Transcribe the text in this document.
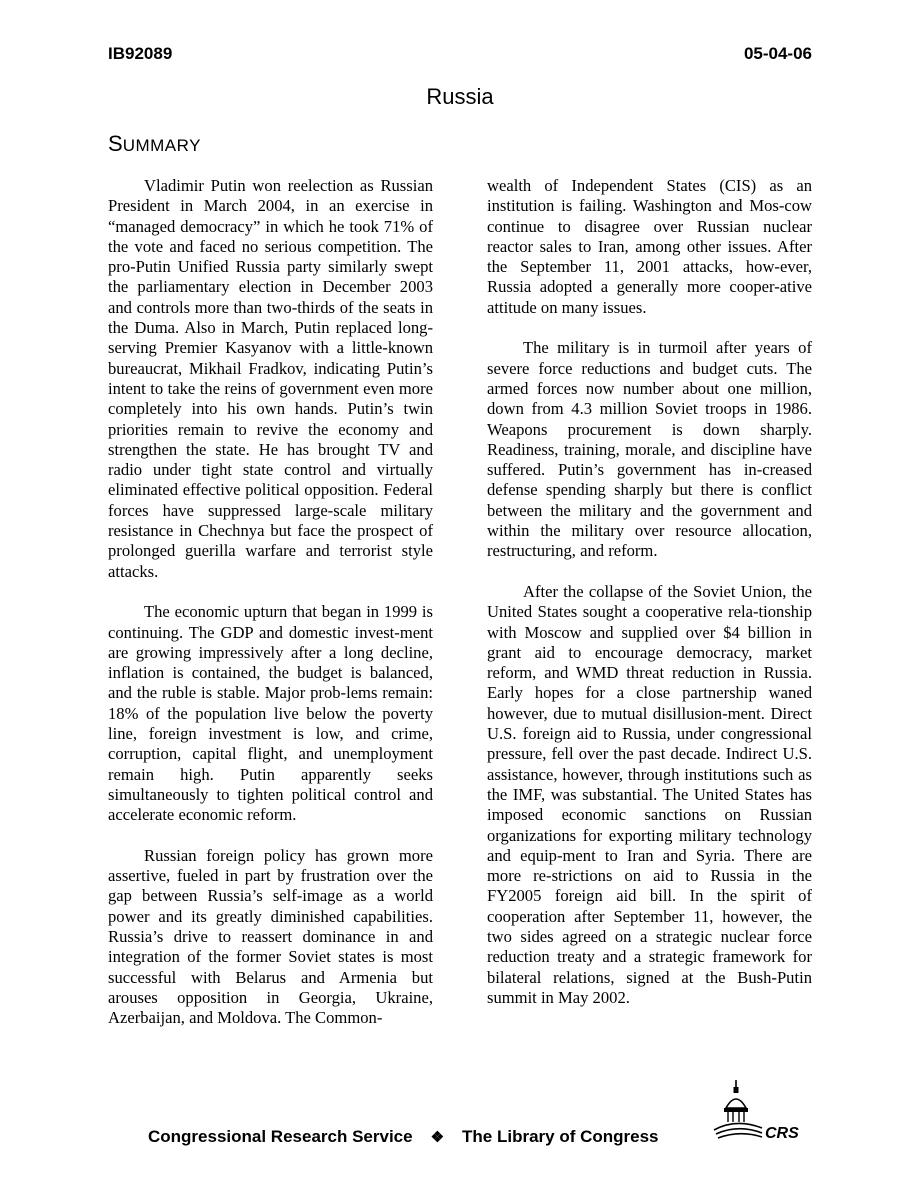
IB92089	05-04-06
Russia
SUMMARY

Vladimir Putin won reelection as Russian President in March 2004, in an exercise in “managed democracy” in which he took 71% of the vote and faced no serious competition. The pro-Putin Unified Russia party similarly swept the parliamentary election in December 2003 and controls more than two-thirds of the seats in the Duma. Also in March, Putin replaced long-serving Premier Kasyanov with a little-known bureaucrat, Mikhail Fradkov, indicating Putin’s intent to take the reins of government even more completely into his own hands. Putin’s twin priorities remain to revive the economy and strengthen the state. He has brought TV and radio under tight state control and virtually eliminated effective political opposition. Federal forces have suppressed large-scale military resistance in Chechnya but face the prospect of prolonged guerilla warfare and terrorist style attacks.

The economic upturn that began in 1999 is continuing. The GDP and domestic invest-ment are growing impressively after a long decline, inflation is contained, the budget is balanced, and the ruble is stable. Major prob-lems remain: 18% of the population live below the poverty line, foreign investment is low, and crime, corruption, capital flight, and unemployment remain high. Putin apparently seeks simultaneously to tighten political control and accelerate economic reform.

Russian foreign policy has grown more assertive, fueled in part by frustration over the gap between Russia’s self-image as a world power and its greatly diminished capabilities. Russia’s drive to reassert dominance in and integration of the former Soviet states is most successful with Belarus and Armenia but arouses opposition in Georgia, Ukraine, Azerbaijan, and Moldova. The Common-

wealth of Independent States (CIS) as an institution is failing. Washington and Mos-cow continue to disagree over Russian nuclear reactor sales to Iran, among other issues. After the September 11, 2001 attacks, how-ever, Russia adopted a generally more cooper-ative attitude on many issues.

The military is in turmoil after years of severe force reductions and budget cuts. The armed forces now number about one million, down from 4.3 million Soviet troops in 1986. Weapons procurement is down sharply. Readiness, training, morale, and discipline have suffered. Putin’s government has in-creased defense spending sharply but there is conflict between the military and the government and within the military over resource allocation, restructuring, and reform.

After the collapse of the Soviet Union, the United States sought a cooperative rela-tionship with Moscow and supplied over $4 billion in grant aid to encourage democracy, market reform, and WMD threat reduction in Russia. Early hopes for a close partnership waned however, due to mutual disillusion-ment. Direct U.S. foreign aid to Russia, under congressional pressure, fell over the past decade. Indirect U.S. assistance, however, through institutions such as the IMF, was substantial. The United States has imposed economic sanctions on Russian organizations for exporting military technology and equip-ment to Iran and Syria. There are more re-strictions on aid to Russia in the FY2005 foreign aid bill. In the spirit of cooperation after September 11, however, the two sides agreed on a strategic nuclear force reduction treaty and a strategic framework for bilateral relations, signed at the Bush-Putin summit in May 2002.

Congressional Research Service ❖ The Library of Congress	CRS
